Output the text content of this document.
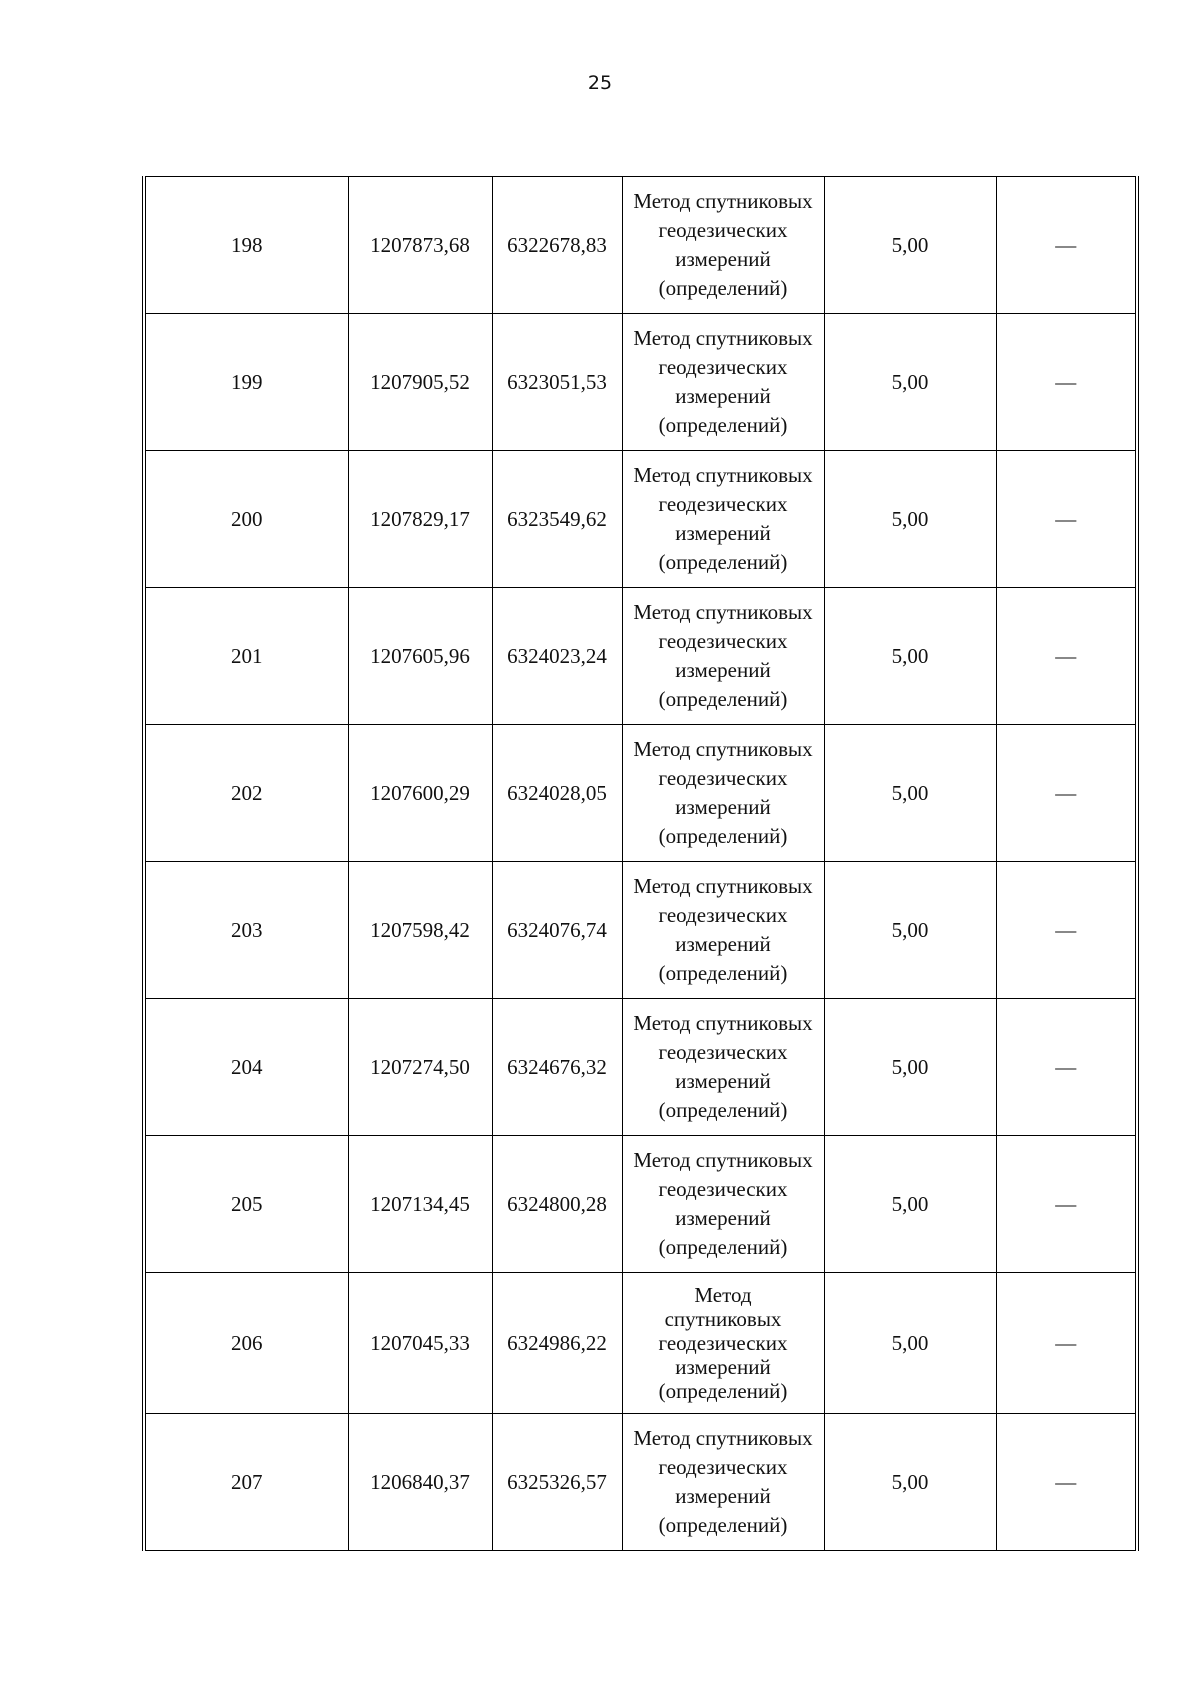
25
198	1207873,68	6322678,83	Метод спутниковых геодезических измерений (определений)	5,00	—
199	1207905,52	6323051,53	Метод спутниковых геодезических измерений (определений)	5,00	—
200	1207829,17	6323549,62	Метод спутниковых геодезических измерений (определений)	5,00	—
201	1207605,96	6324023,24	Метод спутниковых геодезических измерений (определений)	5,00	—
202	1207600,29	6324028,05	Метод спутниковых геодезических измерений (определений)	5,00	—
203	1207598,42	6324076,74	Метод спутниковых геодезических измерений (определений)	5,00	—
204	1207274,50	6324676,32	Метод спутниковых геодезических измерений (определений)	5,00	—
205	1207134,45	6324800,28	Метод спутниковых геодезических измерений (определений)	5,00	—
206	1207045,33	6324986,22	Метод спутниковых геодезических измерений (определений)	5,00	—
207	1206840,37	6325326,57	Метод спутниковых геодезических измерений (определений)	5,00	—
